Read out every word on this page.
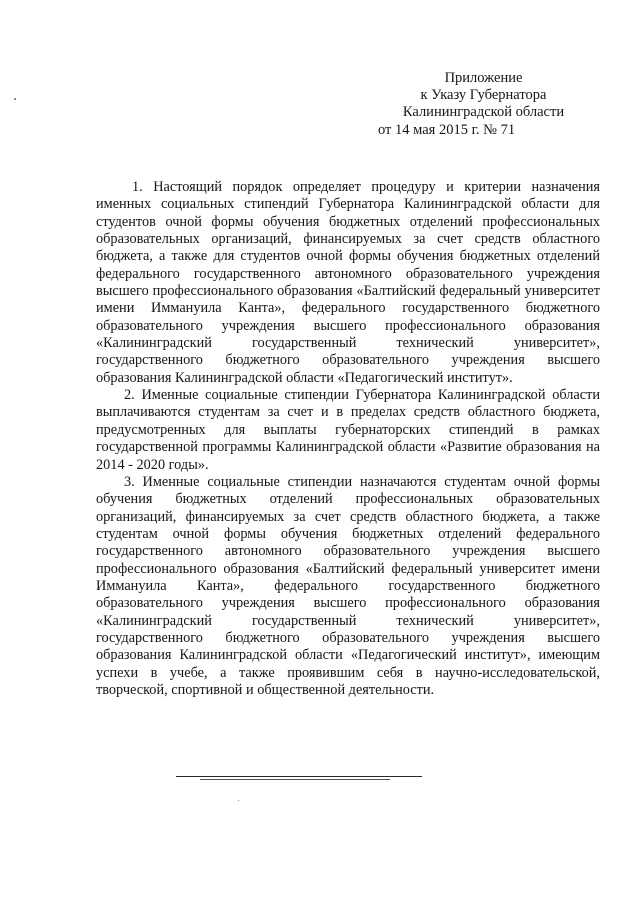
Приложение
к Указу Губернатора
Калининградской области
от 14 мая 2015 г. № 71

1. Настоящий порядок определяет процедуру и критерии назначения именных социальных стипендий Губернатора Калининградской области для студентов очной формы обучения бюджетных отделений профессиональных образовательных организаций, финансируемых за счет средств областного бюджета, а также для студентов очной формы обучения бюджетных отделений федерального государственного автономного образовательного учреждения высшего профессионального образования «Балтийский федеральный университет имени Иммануила Канта», федерального государственного бюджетного образовательного учреждения высшего профессионального образования «Калининградский государственный технический университет», государственного бюджетного образовательного учреждения высшего образования Калининградской области «Педагогический институт».

2. Именные социальные стипендии Губернатора Калининградской области выплачиваются студентам за счет и в пределах средств областного бюджета, предусмотренных для выплаты губернаторских стипендий в рамках государственной программы Калининградской области «Развитие образования на 2014 - 2020 годы».

3. Именные социальные стипендии назначаются студентам очной формы обучения бюджетных отделений профессиональных образовательных организаций, финансируемых за счет средств областного бюджета, а также студентам очной формы обучения бюджетных отделений федерального государственного автономного образовательного учреждения высшего профессионального образования «Балтийский федеральный университет имени Иммануила Канта», федерального государственного бюджетного образовательного учреждения высшего профессионального образования «Калининградский государственный технический университет», государственного бюджетного образовательного учреждения высшего образования Калининградской области «Педагогический институт», имеющим успехи в учебе, а также проявившим себя в научно-исследовательской, творческой, спортивной и общественной деятельности.
